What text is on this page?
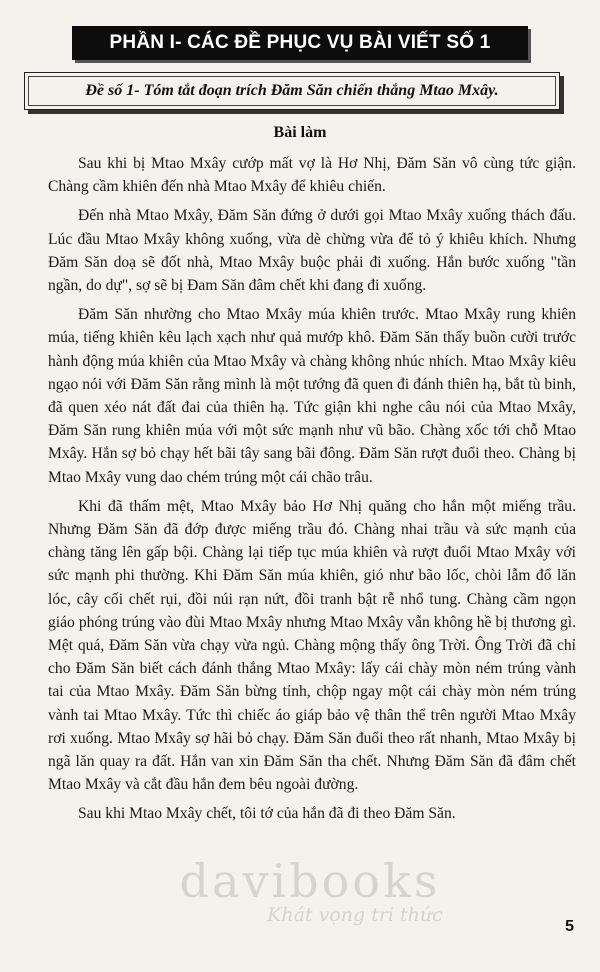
PHẦN I- CÁC ĐỀ PHỤC VỤ BÀI VIẾT SỐ 1
Đề số 1- Tóm tắt đoạn trích Đăm Săn chiến thắng Mtao Mxây.
Bài làm

Sau khi bị Mtao Mxây cướp mất vợ là Hơ Nhị, Đăm Săn vô cùng tức giận. Chàng cầm khiên đến nhà Mtao Mxây để khiêu chiến.

Đến nhà Mtao Mxây, Đăm Săn đứng ở dưới gọi Mtao Mxây xuống thách đấu. Lúc đầu Mtao Mxây không xuống, vừa dè chừng vừa để tỏ ý khiêu khích. Nhưng Đăm Săn doạ sẽ đốt nhà, Mtao Mxây buộc phải đi xuống. Hắn bước xuống "tần ngần, do dự", sợ sẽ bị Đam Săn đâm chết khi đang đi xuống.

Đăm Săn nhường cho Mtao Mxây múa khiên trước. Mtao Mxây rung khiên múa, tiếng khiên kêu lạch xạch như quả mướp khô. Đăm Săn thấy buồn cười trước hành động múa khiên của Mtao Mxây và chàng không nhúc nhích. Mtao Mxây kiêu ngạo nói với Đăm Săn rằng mình là một tướng đã quen đi đánh thiên hạ, bắt tù binh, đã quen xéo nát đất đai của thiên hạ. Tức giận khi nghe câu nói của Mtao Mxây, Đăm Săn rung khiên múa với một sức mạnh như vũ bão. Chàng xốc tới chỗ Mtao Mxây. Hắn sợ bỏ chạy hết bãi tây sang bãi đông. Đăm Săn rượt đuổi theo. Chàng bị Mtao Mxây vung dao chém trúng một cái chão trâu.

Khi đã thấm mệt, Mtao Mxây bảo Hơ Nhị quăng cho hắn một miếng trầu. Nhưng Đăm Săn đã đớp được miếng trầu đó. Chàng nhai trầu và sức mạnh của chàng tăng lên gấp bội. Chàng lại tiếp tục múa khiên và rượt đuổi Mtao Mxây với sức mạnh phi thường. Khi Đăm Săn múa khiên, gió như bão lốc, chòi lẫm đổ lăn lóc, cây cối chết rụi, đồi núi rạn nứt, đồi tranh bật rễ nhổ tung. Chàng cầm ngọn giáo phóng trúng vào đùi Mtao Mxây nhưng Mtao Mxây vẫn không hề bị thương gì. Mệt quá, Đăm Săn vừa chạy vừa ngủ. Chàng mộng thấy ông Trời. Ông Trời đã chỉ cho Đăm Săn biết cách đánh thắng Mtao Mxây: lấy cái chày mòn ném trúng vành tai của Mtao Mxây. Đăm Săn bừng tỉnh, chộp ngay một cái chày mòn ném trúng vành tai Mtao Mxây. Tức thì chiếc áo giáp bảo vệ thân thể trên người Mtao Mxây rơi xuống. Mtao Mxây sợ hãi bỏ chạy. Đăm Săn đuổi theo rất nhanh, Mtao Mxây bị ngã lăn quay ra đất. Hắn van xin Đăm Săn tha chết. Nhưng Đăm Săn đã đâm chết Mtao Mxây và cắt đầu hắn đem bêu ngoài đường.

Sau khi Mtao Mxây chết, tôi tớ của hắn đã đi theo Đăm Săn.

davibooks
Khát vọng tri thức
5
